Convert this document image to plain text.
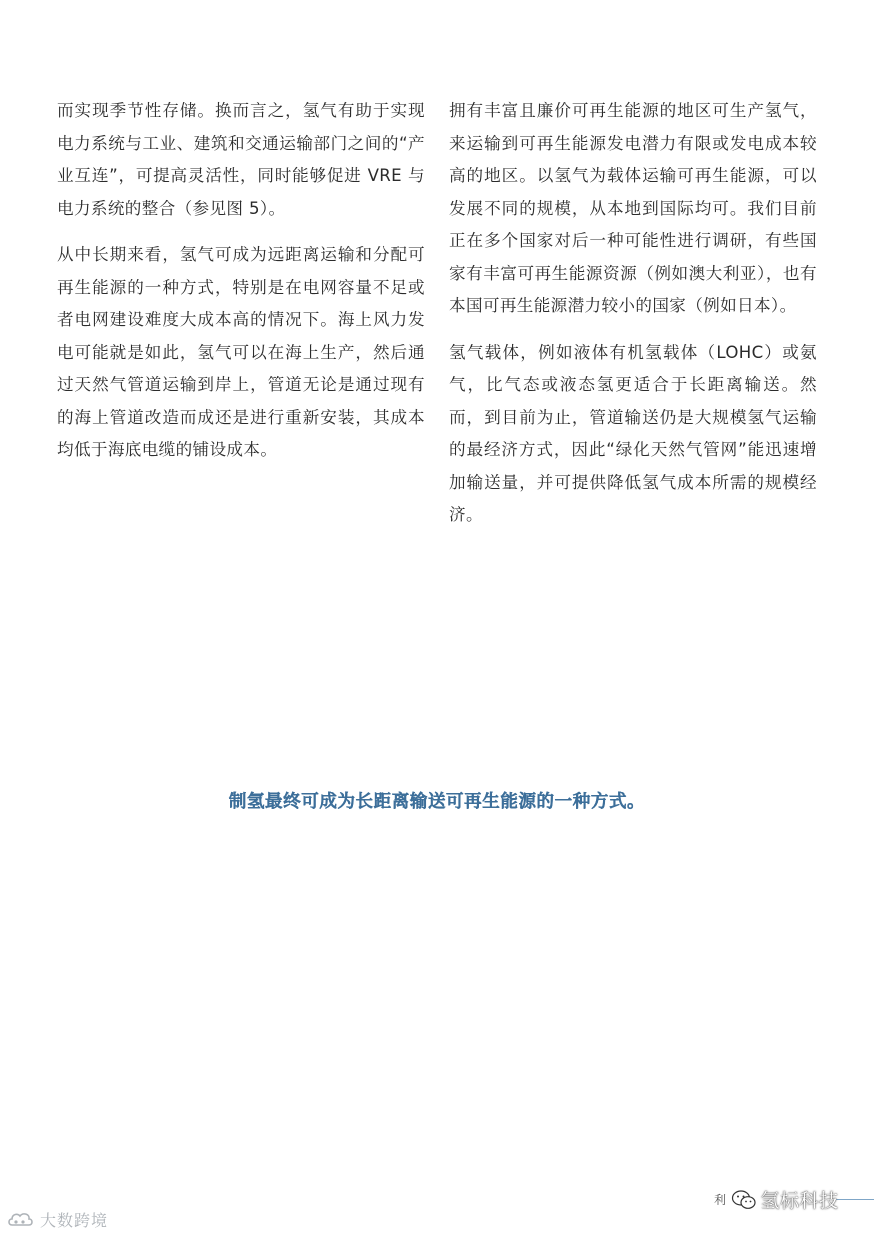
而实现季节性存储。换而言之，氢气有助于实现电力系统与工业、建筑和交通运输部门之间的“产业互连”，可提高灵活性，同时能够促进 VRE 与电力系统的整合（参见图 5）。

从中长期来看，氢气可成为远距离运输和分配可再生能源的一种方式，特别是在电网容量不足或者电网建设难度大成本高的情况下。海上风力发电可能就是如此，氢气可以在海上生产，然后通过天然气管道运输到岸上，管道无论是通过现有的海上管道改造而成还是进行重新安装，其成本均低于海底电缆的铺设成本。

拥有丰富且廉价可再生能源的地区可生产氢气，来运输到可再生能源发电潜力有限或发电成本较高的地区。以氢气为载体运输可再生能源，可以发展不同的规模，从本地到国际均可。我们目前正在多个国家对后一种可能性进行调研，有些国家有丰富可再生能源资源（例如澳大利亚），也有本国可再生能源潜力较小的国家（例如日本）。

氢气载体，例如液体有机氢载体（LOHC）或氨气，比气态或液态氢更适合于长距离输送。然而，到目前为止，管道输送仍是大规模氢气运输的最经济方式，因此“绿化天然气管网”能迅速增加输送量，并可提供降低氢气成本所需的规模经济。

制氢最终可成为长距离输送可再生能源的一种方式。
大数跨境
利 氢标科技
